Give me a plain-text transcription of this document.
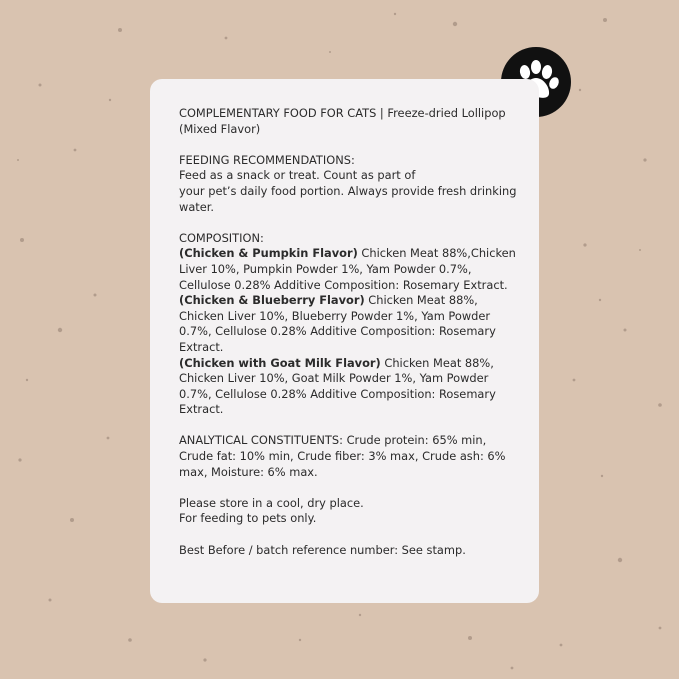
COMPLEMENTARY FOOD FOR CATS | Freeze-dried Lollipop (Mixed Flavor)

FEEDING RECOMMENDATIONS:
Feed as a snack or treat. Count as part of
your pet’s daily food portion. Always provide fresh drinking water.

COMPOSITION:
(Chicken & Pumpkin Flavor) Chicken Meat 88%,Chicken Liver 10%, Pumpkin Powder 1%, Yam Powder 0.7%, Cellulose 0.28% Additive Composition: Rosemary Extract.
(Chicken & Blueberry Flavor) Chicken Meat 88%, Chicken Liver 10%, Blueberry Powder 1%, Yam Powder 0.7%, Cellulose 0.28% Additive Composition: Rosemary Extract.
(Chicken with Goat Milk Flavor) Chicken Meat 88%, Chicken Liver 10%, Goat Milk Powder 1%, Yam Powder 0.7%, Cellulose 0.28% Additive Composition: Rosemary Extract.

ANALYTICAL CONSTITUENTS: Crude protein: 65% min, Crude fat: 10% min, Crude fiber: 3% max, Crude ash: 6% max, Moisture: 6% max.

Please store in a cool, dry place.
For feeding to pets only.

Best Before / batch reference number: See stamp.
